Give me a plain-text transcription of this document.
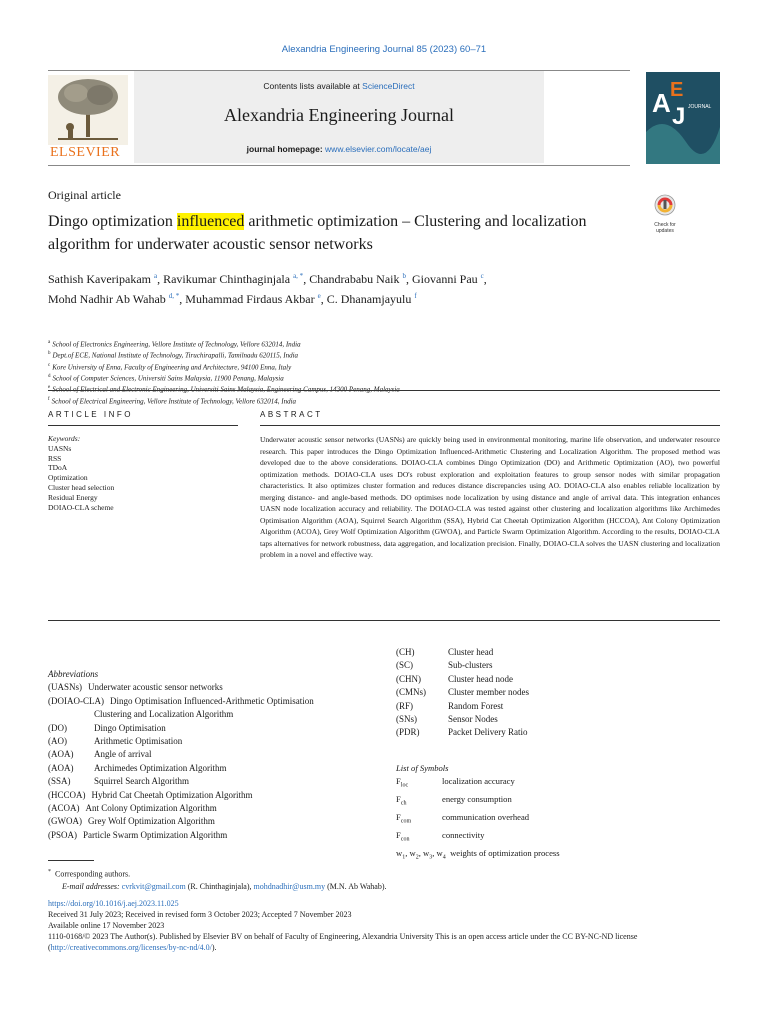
Alexandria Engineering Journal 85 (2023) 60–71
ELSEVIER
Contents lists available at ScienceDirect
Alexandria Engineering Journal
journal homepage: www.elsevier.com/locate/aej
A E
J JOURNAL
Original article
Dingo optimization influenced arithmetic optimization – Clustering and localization algorithm for underwater acoustic sensor networks
Check for
updates
Sathish Kaveripakam $^a$, Ravikumar Chinthaginjala $^{a, *}$, Chandrababu Naik $^b$, Giovanni Pau $^c$,
Mohd Nadhir Ab Wahab $^{d, *}$, Muhammad Firdaus Akbar $^e$, C. Dhanamjayulu $^f$
$^a$ School of Electronics Engineering, Vellore Institute of Technology, Vellore 632014, India
$^b$ Dept.of ECE, National Institute of Technology, Tiruchirapalli, Tamilnadu 620115, India
$^c$ Kore University of Enna, Faculty of Engineering and Architecture, 94100 Enna, Italy
$^d$ School of Computer Sciences, Universiti Sains Malaysia, 11900 Penang, Malaysia
$^e$ School of Electrical and Electronic Engineering, Universiti Sains Malaysia, Engineering Campus, 14300 Penang, Malaysia
$^f$ School of Electrical Engineering, Vellore Institute of Technology, Vellore 632014, India
ARTICLE INFO	ABSTRACT
Keywords:
UASNs
RSS
TDoA
Optimization
Cluster head selection
Residual Energy
DOIAO-CLA scheme
Underwater acoustic sensor networks (UASNs) are quickly being used in environmental monitoring, marine life observation, and underwater resource research. This paper introduces the Dingo Optimization Influenced-Arithmetic Clustering and Localization Algorithm. The proposed method was developed due to the above considerations. DOIAO-CLA combines Dingo Optimization (DO) and Arithmetic Optimization (AO), two powerful optimization methods. DOIAO-CLA uses DO's robust exploration and exploitation features to group sensor nodes with similar propagation characteristics. It also optimizes cluster formation and reduces distance discrepancies using AO. DOIAO-CLA also enables reliable localization by merging distance- and angle-based methods. DO optimises node localization by using distance and angle of arrival data. This integration enhances UASN node localization accuracy and reliability. The DOIAO-CLA was tested against other clustering and localization algorithms like Archimedes Optimisation Algorithm (AOA), Squirrel Search Algorithm (SSA), Hybrid Cat Cheetah Optimization Algorithm (HCCOA), Ant Colony Optimization Algorithm (ACOA), Grey Wolf Optimization Algorithm (GWOA), and Particle Swarm Optimization Algorithm. According to the results, DOIAO-CLA taps alternatives for network robustness, data aggregation, and localization precision. Finally, DOIAO-CLA solves the UASN clustering and localization problem in a novel and effective way.
Abbreviations
(UASNs) Underwater acoustic sensor networks
(DOIAO-CLA) Dingo Optimisation Influenced-Arithmetic Optimisation
Clustering and Localization Algorithm
(DO)	Dingo Optimisation
(AO)	Arithmetic Optimisation
(AOA)	Angle of arrival
(AOA)	Archimedes Optimization Algorithm
(SSA)	Squirrel Search Algorithm
(HCCOA) Hybrid Cat Cheetah Optimization Algorithm
(ACOA) Ant Colony Optimization Algorithm
(GWOA) Grey Wolf Optimization Algorithm
(PSOA) Particle Swarm Optimization Algorithm
(CH)	Cluster head
(SC)	Sub-clusters
(CHN)	Cluster head node
(CMNs)	Cluster member nodes
(RF)	Random Forest
(SNs)	Sensor Nodes
(PDR)	Packet Delivery Ratio
List of Symbols
$F_{loc}$	localization accuracy
$F_{ch}$	energy consumption
$F_{com}$	communication overhead
$F_{con}$	connectivity
$w_1$, $w_2$, $w_3$, $w_4$ weights of optimization process
* Corresponding authors.
E-mail addresses: cvrkvit@gmail.com (R. Chinthaginjala), mohdnadhir@usm.my (M.N. Ab Wahab).
https://doi.org/10.1016/j.aej.2023.11.025
Received 31 July 2023; Received in revised form 3 October 2023; Accepted 7 November 2023
Available online 17 November 2023
1110-0168/© 2023 The Author(s). Published by Elsevier BV on behalf of Faculty of Engineering, Alexandria University This is an open access article under the CC BY-NC-ND license (http://creativecommons.org/licenses/by-nc-nd/4.0/).
